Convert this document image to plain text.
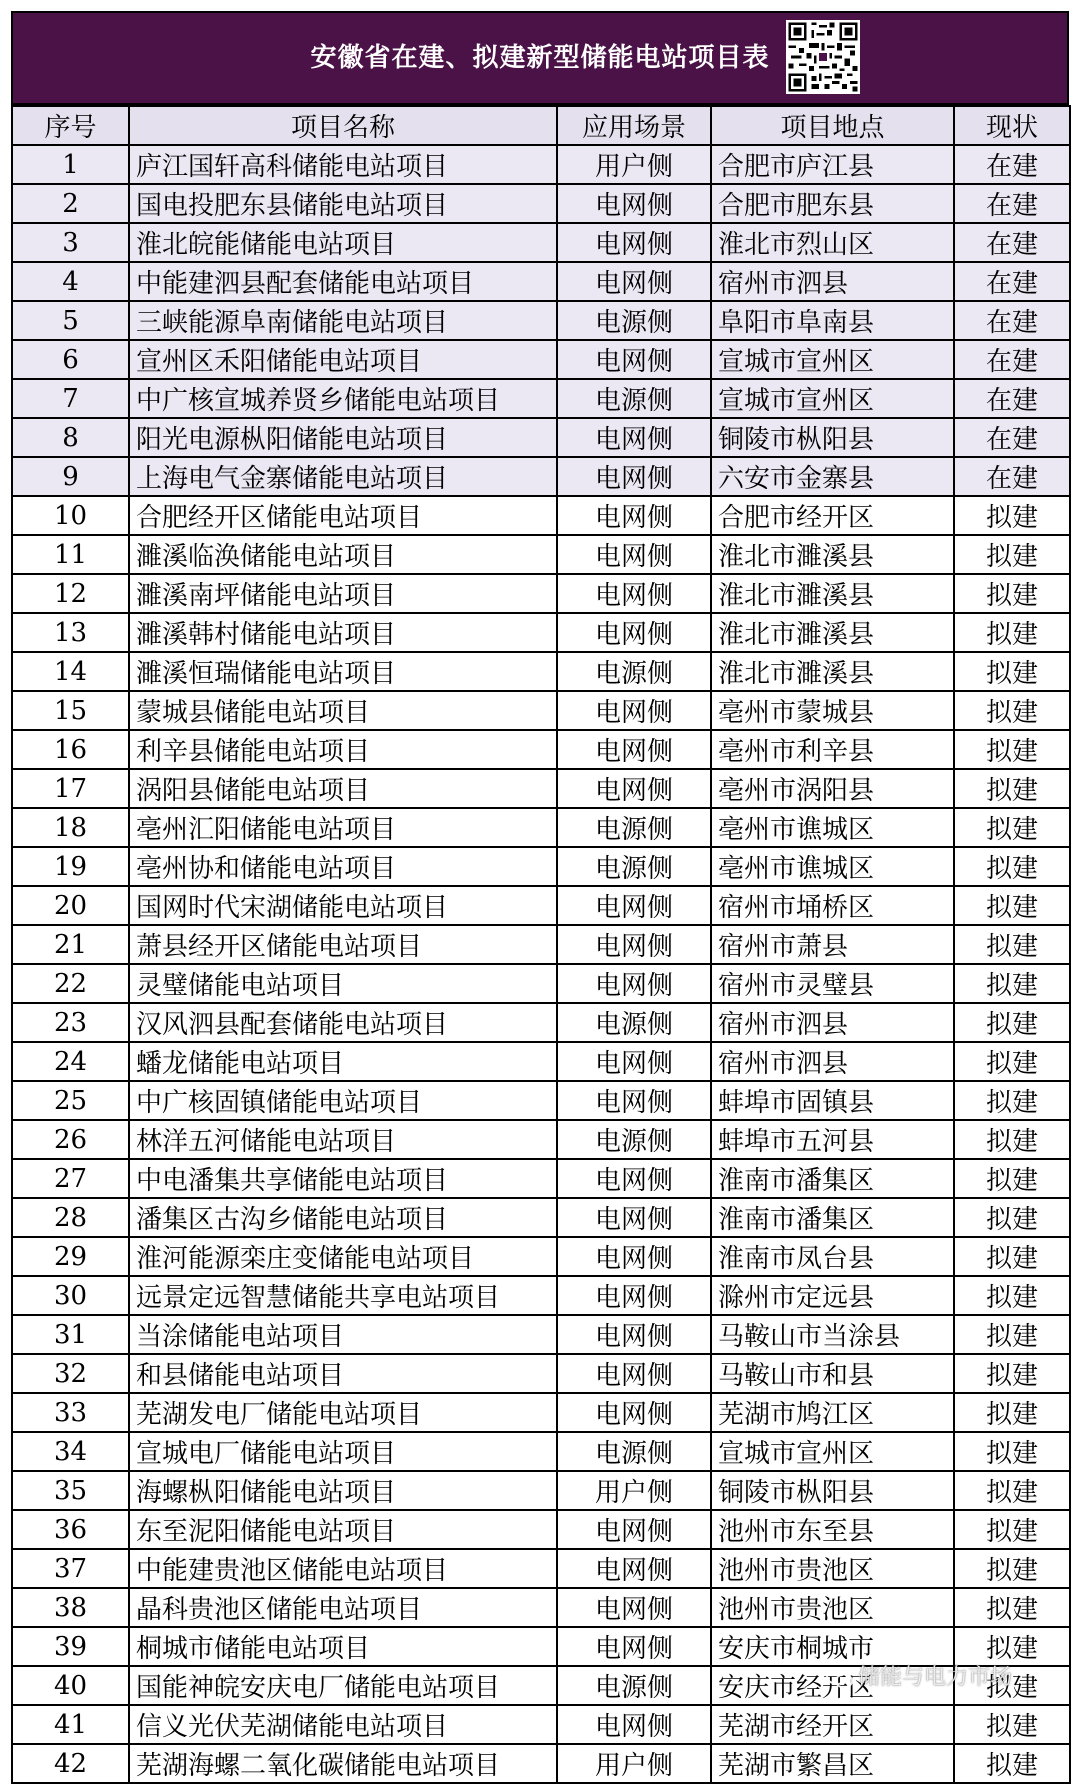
安徽省在建、拟建新型储能电站项目表
序号	项目名称	应用场景	项目地点	现状
1	庐江国轩高科储能电站项目	用户侧	合肥市庐江县	在建
2	国电投肥东县储能电站项目	电网侧	合肥市肥东县	在建
3	淮北皖能储能电站项目	电网侧	淮北市烈山区	在建
4	中能建泗县配套储能电站项目	电网侧	宿州市泗县	在建
5	三峡能源阜南储能电站项目	电源侧	阜阳市阜南县	在建
6	宣州区禾阳储能电站项目	电网侧	宣城市宣州区	在建
7	中广核宣城养贤乡储能电站项目	电源侧	宣城市宣州区	在建
8	阳光电源枞阳储能电站项目	电网侧	铜陵市枞阳县	在建
9	上海电气金寨储能电站项目	电网侧	六安市金寨县	在建
10	合肥经开区储能电站项目	电网侧	合肥市经开区	拟建
11	濉溪临涣储能电站项目	电网侧	淮北市濉溪县	拟建
12	濉溪南坪储能电站项目	电网侧	淮北市濉溪县	拟建
13	濉溪韩村储能电站项目	电网侧	淮北市濉溪县	拟建
14	濉溪恒瑞储能电站项目	电源侧	淮北市濉溪县	拟建
15	蒙城县储能电站项目	电网侧	亳州市蒙城县	拟建
16	利辛县储能电站项目	电网侧	亳州市利辛县	拟建
17	涡阳县储能电站项目	电网侧	亳州市涡阳县	拟建
18	亳州汇阳储能电站项目	电源侧	亳州市谯城区	拟建
19	亳州协和储能电站项目	电源侧	亳州市谯城区	拟建
20	国网时代宋湖储能电站项目	电网侧	宿州市埇桥区	拟建
21	萧县经开区储能电站项目	电网侧	宿州市萧县	拟建
22	灵璧储能电站项目	电网侧	宿州市灵璧县	拟建
23	汉风泗县配套储能电站项目	电源侧	宿州市泗县	拟建
24	蟠龙储能电站项目	电网侧	宿州市泗县	拟建
25	中广核固镇储能电站项目	电网侧	蚌埠市固镇县	拟建
26	林洋五河储能电站项目	电源侧	蚌埠市五河县	拟建
27	中电潘集共享储能电站项目	电网侧	淮南市潘集区	拟建
28	潘集区古沟乡储能电站项目	电网侧	淮南市潘集区	拟建
29	淮河能源栾庄变储能电站项目	电网侧	淮南市凤台县	拟建
30	远景定远智慧储能共享电站项目	电网侧	滁州市定远县	拟建
31	当涂储能电站项目	电网侧	马鞍山市当涂县	拟建
32	和县储能电站项目	电网侧	马鞍山市和县	拟建
33	芜湖发电厂储能电站项目	电网侧	芜湖市鸠江区	拟建
34	宣城电厂储能电站项目	电源侧	宣城市宣州区	拟建
35	海螺枞阳储能电站项目	用户侧	铜陵市枞阳县	拟建
36	东至泥阳储能电站项目	电网侧	池州市东至县	拟建
37	中能建贵池区储能电站项目	电网侧	池州市贵池区	拟建
38	晶科贵池区储能电站项目	电网侧	池州市贵池区	拟建
39	桐城市储能电站项目	电网侧	安庆市桐城市	拟建
40	国能神皖安庆电厂储能电站项目	电源侧	安庆市经开区	拟建
41	信义光伏芜湖储能电站项目	电网侧	芜湖市经开区	拟建
42	芜湖海螺二氧化碳储能电站项目	用户侧	芜湖市繁昌区	拟建
储能与电力市场
